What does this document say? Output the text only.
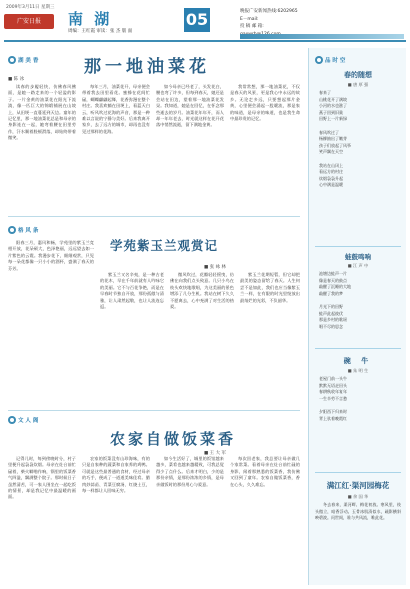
2009年3月11日 星期三
广安日报	南 湖
周编：王红霞 审读：张 杰 版 面
05	晚报广安新闻热线:6202965
E－mail:
投 稿 邮 箱:
湖 美 香	那一地油菜花
■ 陈 冰
读春的步履轻快，仿佛春风拂面，是她一路走来的一个轻盈的影子。一片金黄的油菜花在阳光下流淌，像一匹巨大的锦缎铺展在山坡上，从田埂一直蔓延到天边。童年的记忆里，那一地油菜花总是和母亲的身影连在一起，她弯着腰在田里劳作，汗水顺着脸颊滑落，却始终带着微笑。
每年三月，油菜花开，母亲便会带着我去田里看花。蜜蜂在花间忙碌，蝴蝶翩翩起舞，花香弥漫在整个村庄。我喜欢躺在田埂上，看蓝天白云，听风吹过花海的声音，那是一种难以言说的宁静与美好。后来我离开家乡，去了远方的城市，却再也没有见过那样的花海。
如今母亲已经老了，头发花白，腰也弯了许多，但每到春天，她还是会站在田边，望着那一地油菜花发呆。我知道，她是在回忆，在怀念那些逝去的岁月。油菜花年年开，而人却一年年老去，时光就这样在花开花落中悄然流逝，留下满地金黄。
我常常想，那一地油菜花，不仅是春天的风景，更是我心中永远的故乡。无论走多远，只要想起那片金黄，心里便会涌起一股暖流，那是家的味道，是母亲的味道，也是我生命中最珍贵的记忆。
格 风 条
学苑紫玉兰观赏记
■ 张 咏 林
阳春三月，惠风和畅，学苑里的紫玉兰竞相开放，花朵硕大，色泽艳丽，远远望去如一片紫色的云霞。我漫步花下，细细观赏，只见每一朵花都像一只小小的酒杯，盛满了春天的芬芳。
紫玉兰又名辛夷，是一种古老的花木，早在千年前就有人吟咏它的美丽。它不与百花争艳，而是在早春时节独自开放，那份孤傲与清雅，让人肃然起敬，也让人流连忘返。
微风吹过，花瓣轻轻摇曳，仿佛在向我们点头致意。几只小鸟在枝头欢快地歌唱，为这美丽的景色增添了几分生机。我站在树下久久不愿离去，心中充满了对生活的热爱。
紫玉兰花期短暂，但它却把最美的姿态留给了春天。人生何尝不是如此，我们也应当像紫玉兰一样，在有限的时光里绽放出最灿烂的光彩，不负韶华。
文 人 阁
农家自做饭菜香
■ 王 大 军
记得儿时，每到傍晚时分，村子里便升起袅袅炊烟。母亲在灶台前忙碌着，柴火噼啪作响，锅里的饭菜香气四溢，飘满整个院子。那时候日子虽然清苦，可一家人围坐在一起吃饭的情景，却是我记忆中最温暖的画面。
农家的饭菜没有山珍海味，有的只是自家种的蔬菜和自家养的鸡鸭。可就是这些最普通的食材，经过母亲的巧手，便成了一道道美味佳肴。腊肉炒蒜苗、青菜豆腐汤、红烧土豆，每一样都让人回味无穷。
如今生活好了，城里的饭馆越来越多，菜肴也越来越精致，可我总觉得少了点什么。后来才明白，少的是那份亲情，是那份浓浓的乡情，是母亲做饭时的那份用心与爱意。
每次回老家，我总要让母亲做几个家常菜。看着母亲在灶台前忙碌的身影，闻着那熟悉的饭菜香，我仿佛又回到了童年。农家自做饭菜香，香在心头，久久难忘。
品 时 空
春的随想
■ 唐 厚 强
春来了
山桃花开了满坡
小河的水也涨了
燕子回到旧巢
田野上一片新绿

春风吹过了
杨柳抽出了嫩芽
孩子们放起了风筝
笑声飘在天空

我站在山冈上
看远方的村庄
炊烟袅袅升起
心中满是温暖
蛙鼓鸣响
■ 江 声 中
池塘边蛙声一片
像是春天的鼓点
敲醒了沉睡的大地
敲醒了我的梦

月光下的田野
蛙声此起彼伏
那是乡村的歌谣
唱不尽的思念
碗 牛
■ 朱 明 生
老屋门前一头牛
默默无语走田头
春耕秋收年复年
一生辛劳不言愁

夕阳西下归来时
背上驮着晚霞红
满江红·渠河园梅花
■ 余 国 华
冬去春来，渠河畔、梅花初放。寒风里，枝头傲立，暗香浮动。玉骨冰肌清似水，疏影横斜映碧波。问世间，谁与共风流，唯此花。
